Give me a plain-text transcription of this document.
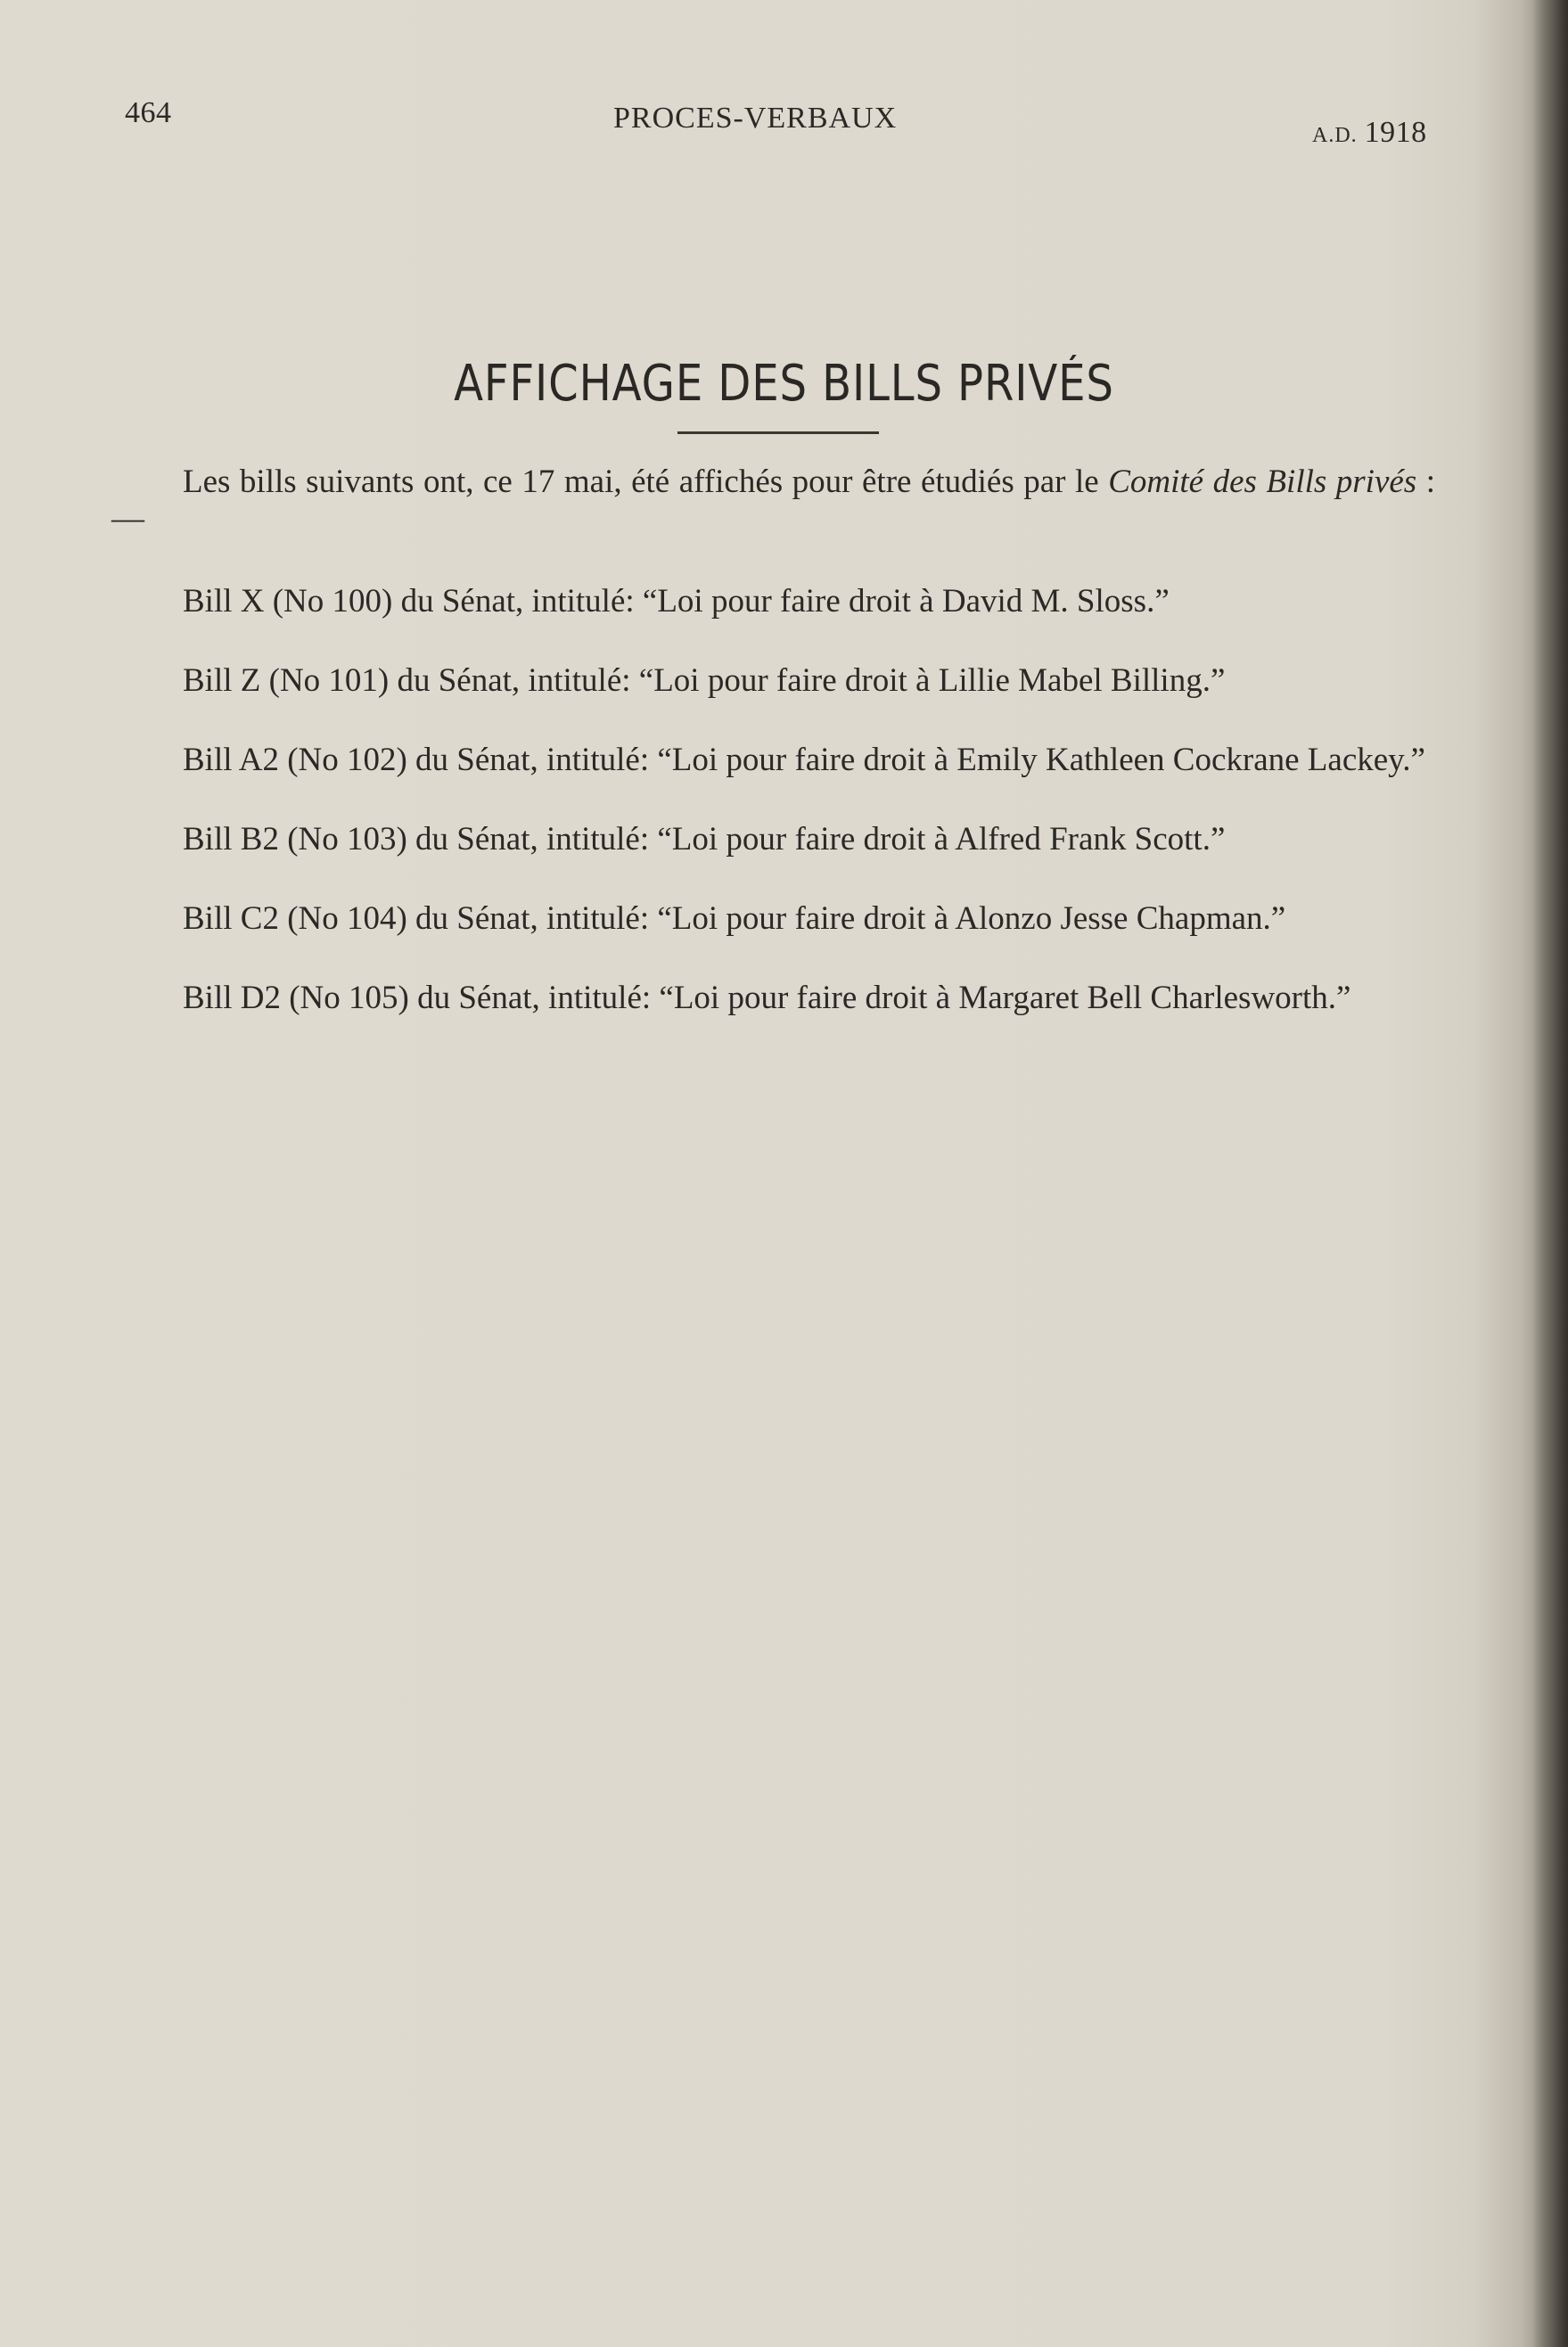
464	PROCES-VERBAUX
A.D. 1918
AFFICHAGE DES BILLS PRIVÉS

Les bills suivants ont, ce 17 mai, été affichés pour être étudiés par le Comité des Bills privés :—

Bill X (No 100) du Sénat, intitulé: “Loi pour faire droit à David M. Sloss.”

Bill Z (No 101) du Sénat, intitulé: “Loi pour faire droit à Lillie Mabel Billing.”

Bill A2 (No 102) du Sénat, intitulé: “Loi pour faire droit à Emily Kathleen Cockrane Lackey.”

Bill B2 (No 103) du Sénat, intitulé: “Loi pour faire droit à Alfred Frank Scott.”

Bill C2 (No 104) du Sénat, intitulé: “Loi pour faire droit à Alonzo Jesse Chapman.”

Bill D2 (No 105) du Sénat, intitulé: “Loi pour faire droit à Margaret Bell Charlesworth.”
